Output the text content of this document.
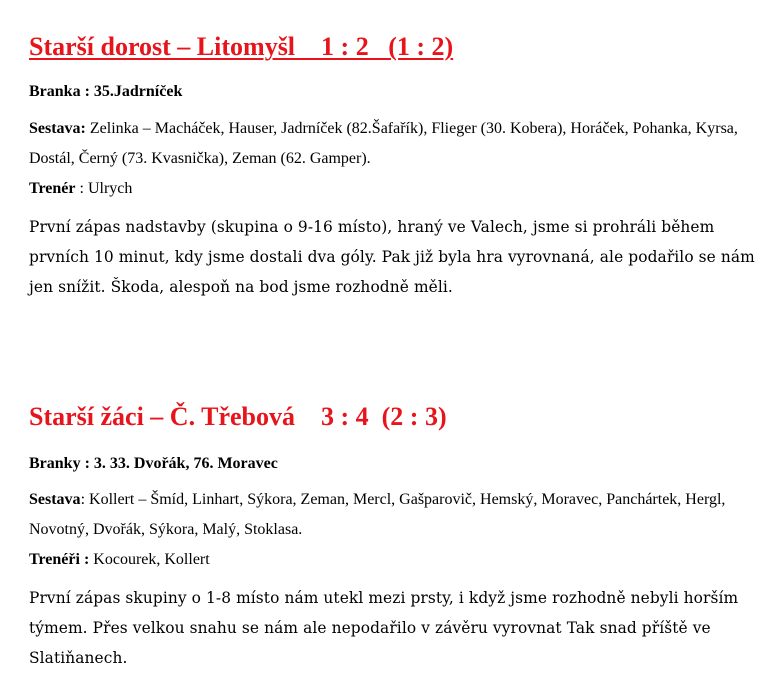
Starší dorost – Litomyšl    1 : 2   (1 : 2)

Branka : 35.Jadrníček

Sestava: Zelinka – Macháček, Hauser, Jadrníček (82.Šafařík), Flieger (30. Kobera), Horáček, Pohanka, Kyrsa, Dostál, Černý (73. Kvasnička), Zeman (62. Gamper).
Trenér : Ulrych

První zápas nadstavby (skupina o 9-16 místo), hraný ve Valech, jsme si prohráli během prvních 10 minut, kdy jsme dostali dva góly. Pak již byla hra vyrovnaná, ale podařilo se nám jen snížit. Škoda, alespoň na bod jsme rozhodně měli.

Starší žáci – Č. Třebová    3 : 4  (2 : 3)

Branky : 3. 33. Dvořák, 76. Moravec

Sestava: Kollert – Šmíd, Linhart, Sýkora, Zeman, Mercl, Gašparovič, Hemský, Moravec, Panchártek, Hergl, Novotný, Dvořák, Sýkora, Malý, Stoklasa.
Trenéři : Kocourek, Kollert

První zápas skupiny o 1-8 místo nám utekl mezi prsty, i když jsme rozhodně nebyli horším týmem. Přes velkou snahu se nám ale nepodařilo v závěru vyrovnat Tak snad příště ve Slatiňanech.
